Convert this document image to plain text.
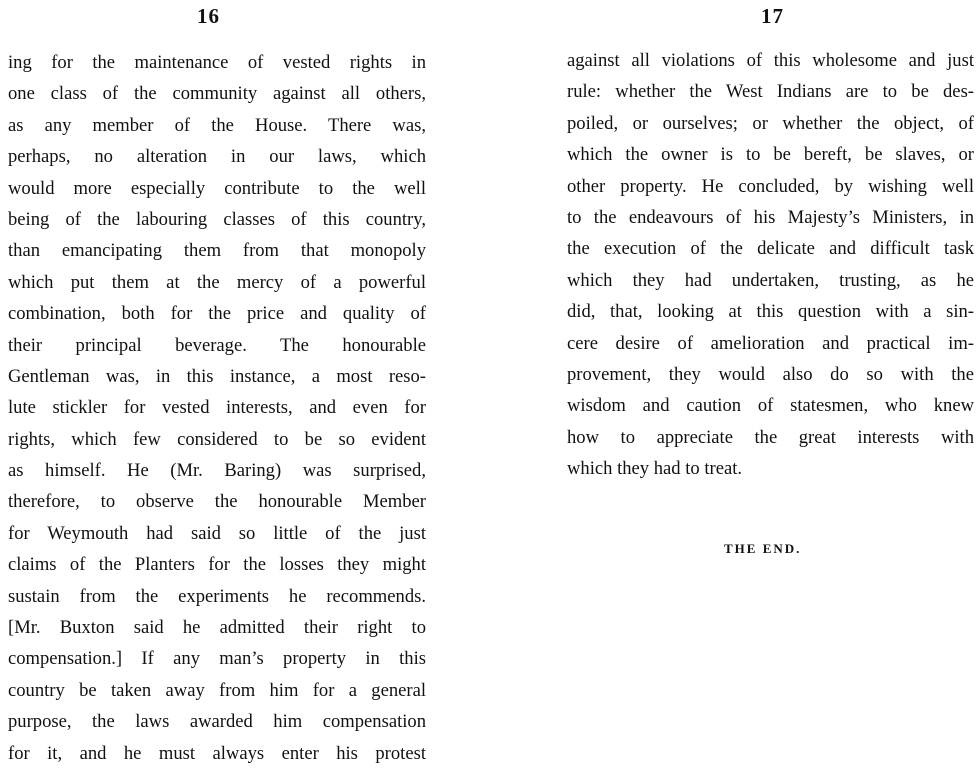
16
ing for the maintenance of vested rights in
one class of the community against all others,
as any member of the House. There was,
perhaps, no alteration in our laws, which
would more especially contribute to the well
being of the labouring classes of this country,
than emancipating them from that monopoly
which put them at the mercy of a powerful
combination, both for the price and quality of
their principal beverage. The honourable
Gentleman was, in this instance, a most reso-
lute stickler for vested interests, and even for
rights, which few considered to be so evident
as himself. He (Mr. Baring) was surprised,
therefore, to observe the honourable Member
for Weymouth had said so little of the just
claims of the Planters for the losses they might
sustain from the experiments he recommends.
[Mr. Buxton said he admitted their right to
compensation.] If any man’s property in this
country be taken away from him for a general
purpose, the laws awarded him compensation
for it, and he must always enter his protest
17
against all violations of this wholesome and just
rule: whether the West Indians are to be des-
poiled, or ourselves; or whether the object, of
which the owner is to be bereft, be slaves, or
other property. He concluded, by wishing well
to the endeavours of his Majesty’s Ministers, in
the execution of the delicate and difficult task
which they had undertaken, trusting, as he
did, that, looking at this question with a sin-
cere desire of amelioration and practical im-
provement, they would also do so with the
wisdom and caution of statesmen, who knew
how to appreciate the great interests with
which they had to treat.
THE END.
